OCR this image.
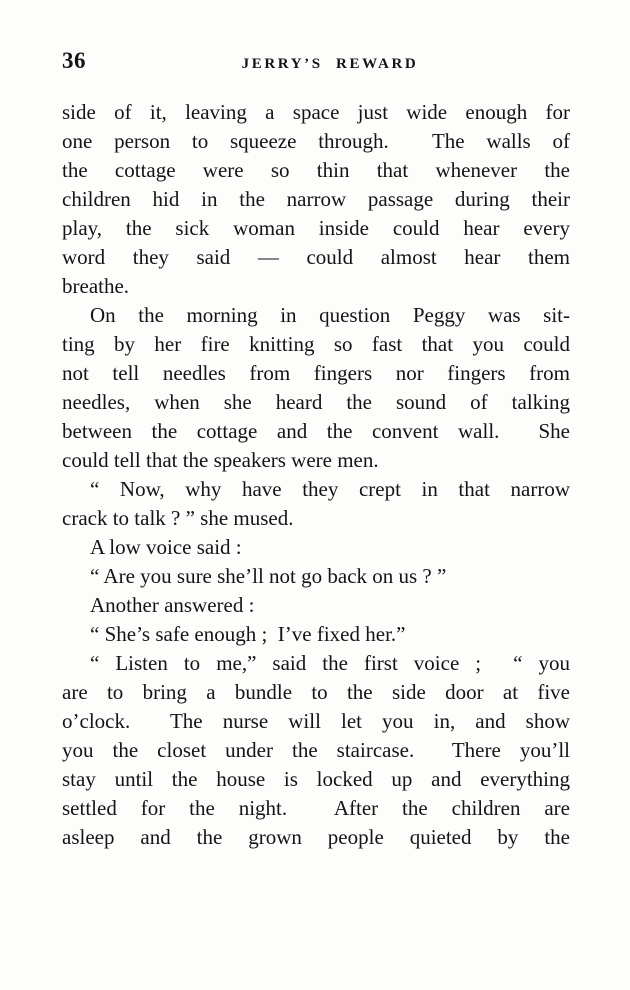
36	JERRY’S REWARD
side of it, leaving a space just wide enough for
one person to squeeze through.  The walls of
the cottage were so thin that whenever the
children hid in the narrow passage during their
play, the sick woman inside could hear every
word they said — could almost hear them
breathe.
On the morning in question Peggy was sit-
ting by her fire knitting so fast that you could
not tell needles from fingers nor fingers from
needles, when she heard the sound of talking
between the cottage and the convent wall.  She
could tell that the speakers were men.
“ Now, why have they crept in that narrow
crack to talk ? ” she mused.
A low voice said :
“ Are you sure she’ll not go back on us ? ”
Another answered :
“ She’s safe enough ;  I’ve fixed her.”
“ Listen to me,” said the first voice ;  “ you
are to bring a bundle to the side door at five
o’clock.  The nurse will let you in, and show
you the closet under the staircase.  There you’ll
stay until the house is locked up and everything
settled for the night.  After the children are
asleep and the grown people quieted by the
